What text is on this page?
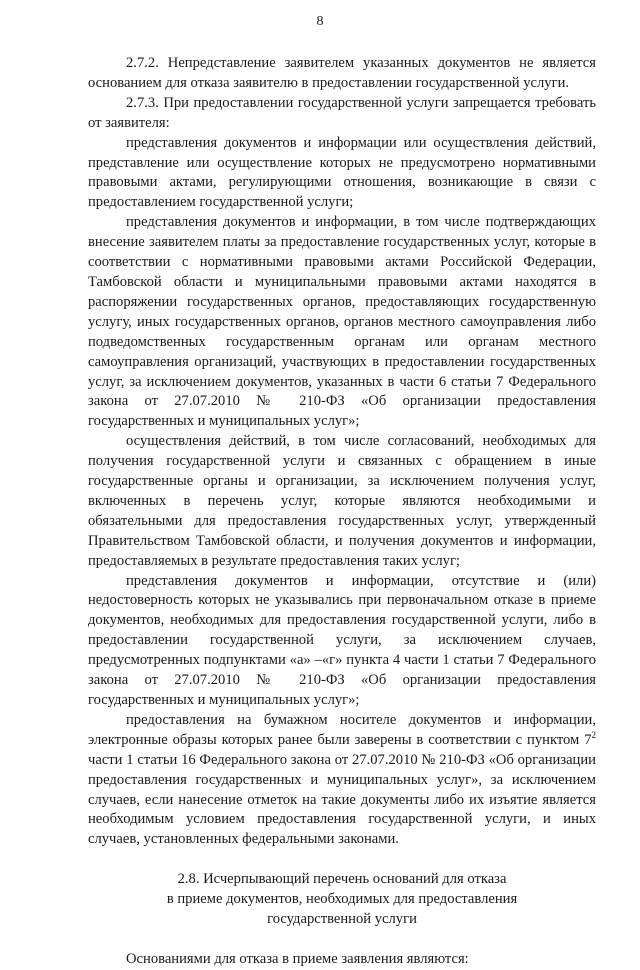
8

2.7.2. Непредставление заявителем указанных документов не является основанием для отказа заявителю в предоставлении государственной услуги.

2.7.3. При предоставлении государственной услуги запрещается требовать от заявителя:

представления документов и информации или осуществления действий, представление или осуществление которых не предусмотрено нормативными правовыми актами, регулирующими отношения, возникающие в связи с предоставлением государственной услуги;

представления документов и информации, в том числе подтверждающих внесение заявителем платы за предоставление государственных услуг, которые в соответствии с нормативными правовыми актами Российской Федерации, Тамбовской области и муниципальными правовыми актами находятся в распоряжении государственных органов, предоставляющих государственную услугу, иных государственных органов, органов местного самоуправления либо подведомственных государственным органам или органам местного самоуправления организаций, участвующих в предоставлении государственных услуг, за исключением документов, указанных в части 6 статьи 7 Федерального закона от 27.07.2010 № 210-ФЗ «Об организации предоставления государственных и муниципальных услуг»;

осуществления действий, в том числе согласований, необходимых для получения государственной услуги и связанных с обращением в иные государственные органы и организации, за исключением получения услуг, включенных в перечень услуг, которые являются необходимыми и обязательными для предоставления государственных услуг, утвержденный Правительством Тамбовской области, и получения документов и информации, предоставляемых в результате предоставления таких услуг;

представления документов и информации, отсутствие и (или) недостоверность которых не указывались при первоначальном отказе в приеме документов, необходимых для предоставления государственной услуги, либо в предоставлении государственной услуги, за исключением случаев, предусмотренных подпунктами «а» –«г» пункта 4 части 1 статьи 7 Федерального закона от 27.07.2010 № 210-ФЗ «Об организации предоставления государственных и муниципальных услуг»;

предоставления на бумажном носителе документов и информации, электронные образы которых ранее были заверены в соответствии с пунктом $7^2$ части 1 статьи 16 Федерального закона от 27.07.2010 № 210-ФЗ «Об организации предоставления государственных и муниципальных услуг», за исключением случаев, если нанесение отметок на такие документы либо их изъятие является необходимым условием предоставления государственной услуги, и иных случаев, установленных федеральными законами.

2.8. Исчерпывающий перечень оснований для отказа
в приеме документов, необходимых для предоставления
государственной услуги

Основаниями для отказа в приеме заявления являются:
